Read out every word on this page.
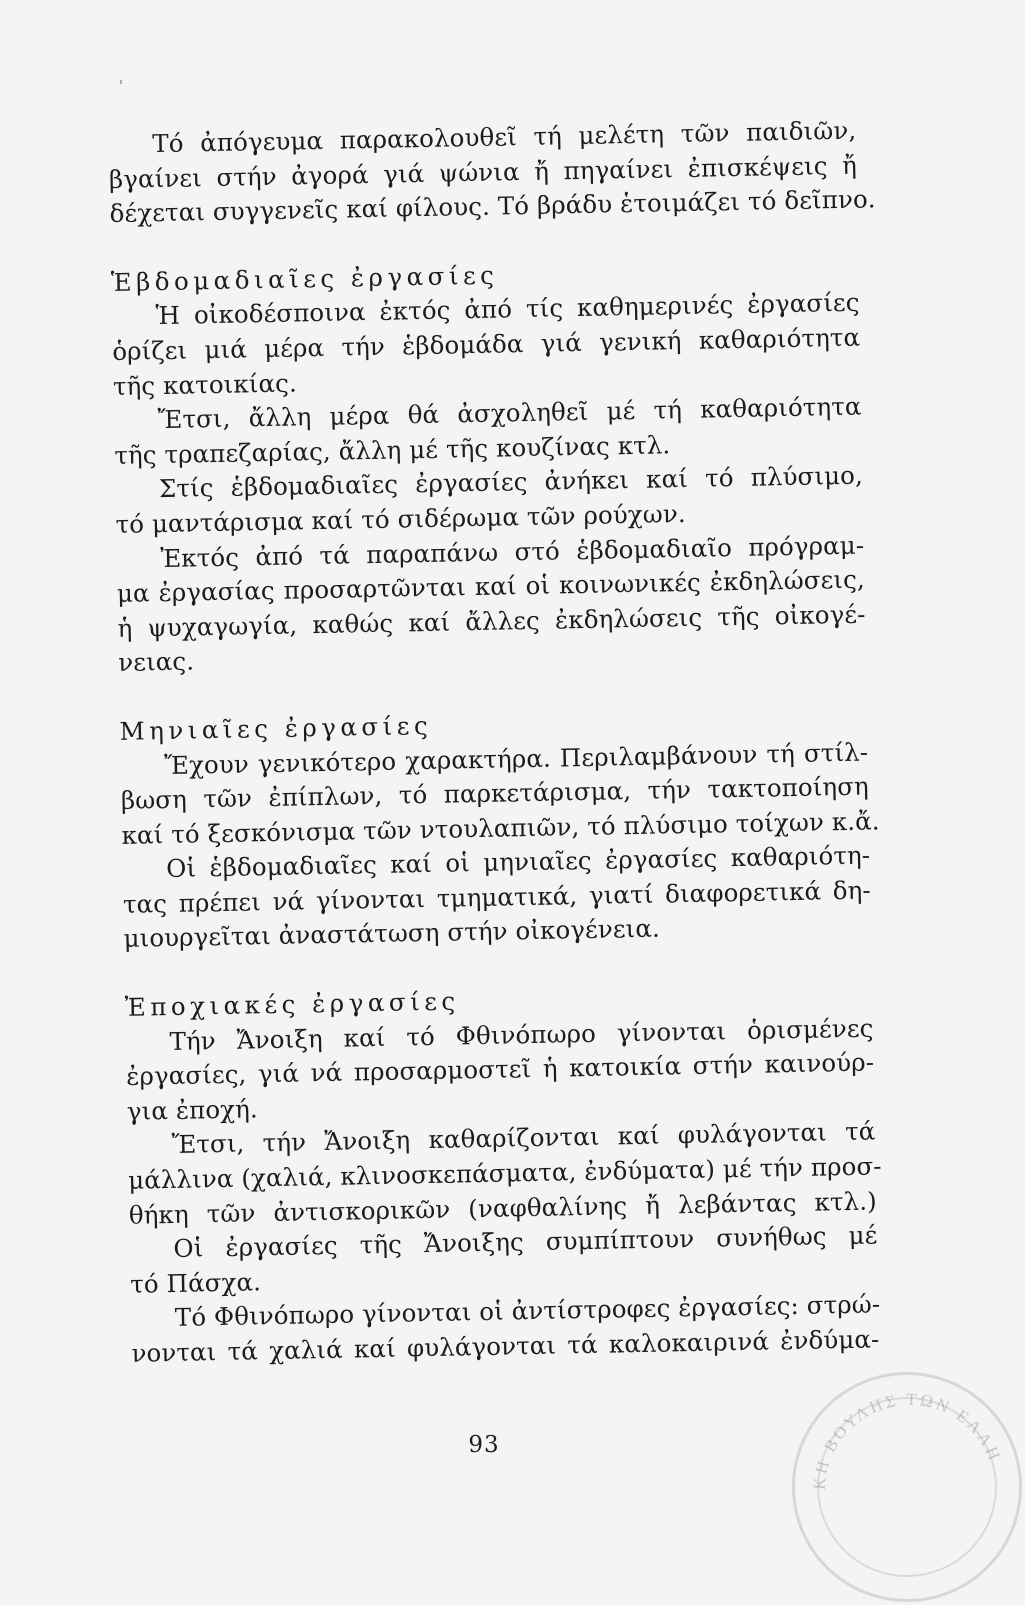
Τό ἀπόγευμα παρακολουθεῖ τή μελέτη τῶν παιδιῶν,
βγαίνει στήν ἀγορά γιά ψώνια ἤ πηγαίνει ἐπισκέψεις ἤ
δέχεται συγγενεῖς καί φίλους. Τό βράδυ ἑτοιμάζει τό δεῖπνο.
Ἑβδομαδιαῖες ἐργασίες
Ἡ οἰκοδέσποινα ἐκτός ἀπό τίς καθημερινές ἐργασίες
ὁρίζει μιά μέρα τήν ἑβδομάδα γιά γενική καθαριότητα
τῆς κατοικίας.
Ἔτσι, ἄλλη μέρα θά ἀσχοληθεῖ μέ τή καθαριότητα
τῆς τραπεζαρίας, ἄλλη μέ τῆς κουζίνας κτλ.
Στίς ἑβδομαδιαῖες ἐργασίες ἀνήκει καί τό πλύσιμο,
τό μαντάρισμα καί τό σιδέρωμα τῶν ρούχων.
Ἐκτός ἀπό τά παραπάνω στό ἑβδομαδιαῖο πρόγραμ-
μα ἐργασίας προσαρτῶνται καί οἱ κοινωνικές ἐκδηλώσεις,
ἡ ψυχαγωγία, καθώς καί ἄλλες ἐκδηλώσεις τῆς οἰκογέ-
νειας.
Μηνιαῖες ἐργασίες
Ἔχουν γενικότερο χαρακτήρα. Περιλαμβάνουν τή στίλ-
βωση τῶν ἐπίπλων, τό παρκετάρισμα, τήν τακτοποίηση
καί τό ξεσκόνισμα τῶν ντουλαπιῶν, τό πλύσιμο τοίχων κ.ἄ.
Οἱ ἑβδομαδιαῖες καί οἱ μηνιαῖες ἐργασίες καθαριότη-
τας πρέπει νά γίνονται τμηματικά, γιατί διαφορετικά δη-
μιουργεῖται ἀναστάτωση στήν οἰκογένεια.
Ἐποχιακές ἐργασίες
Τήν Ἄνοιξη καί τό Φθινόπωρο γίνονται ὁρισμένες
ἐργασίες, γιά νά προσαρμοστεῖ ἡ κατοικία στήν καινούρ-
για ἐποχή.
Ἔτσι, τήν Ἄνοιξη καθαρίζονται καί φυλάγονται τά
μάλλινα (χαλιά, κλινοσκεπάσματα, ἐνδύματα) μέ τήν προσ-
θήκη τῶν ἀντισκορικῶν (ναφθαλίνης ἤ λεβάντας κτλ.)
Οἱ ἐργασίες τῆς Ἄνοιξης συμπίπτουν συνήθως μέ
τό Πάσχα.
Τό Φθινόπωρο γίνονται οἱ ἀντίστροφες ἐργασίες: στρώ-
νονται τά χαλιά καί φυλάγονται τά καλοκαιρινά ἐνδύμα-
93
ΚΗ ΒΟΥΛΗΣ ΤΩΝ ΕΛΛΗ
